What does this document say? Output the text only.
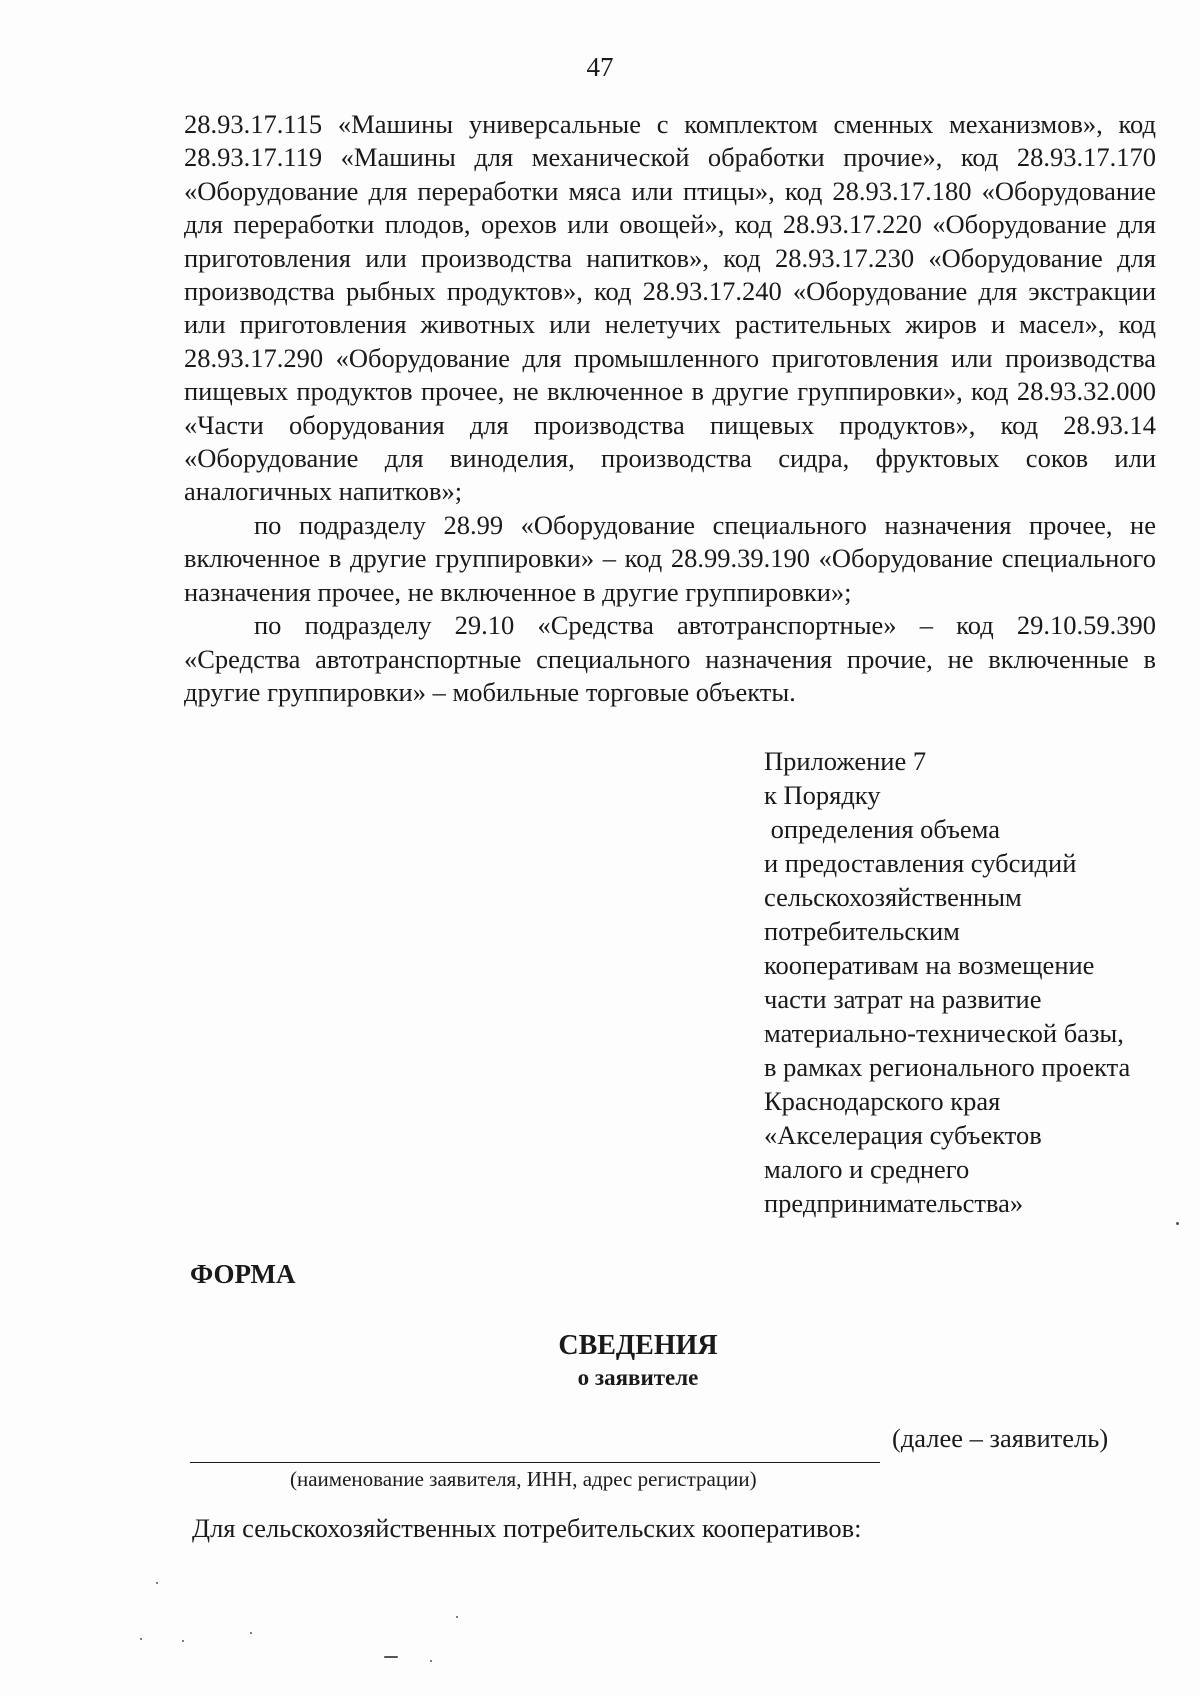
47

28.93.17.115 «Машины универсальные с комплектом сменных механизмов», код 28.93.17.119 «Машины для механической обработки прочие», код 28.93.17.170 «Оборудование для переработки мяса или птицы», код 28.93.17.180 «Оборудование для переработки плодов, орехов или овощей», код 28.93.17.220 «Оборудование для приготовления или производства напитков», код 28.93.17.230 «Оборудование для производства рыбных продуктов», код 28.93.17.240 «Оборудование для экстракции или приготовления животных или нелетучих растительных жиров и масел», код 28.93.17.290 «Оборудование для промышленного приготовления или производства пищевых продуктов прочее, не включенное в другие группировки», код 28.93.32.000 «Части оборудования для производства пищевых продуктов», код 28.93.14 «Оборудование для виноделия, производства сидра, фруктовых соков или аналогичных напитков»;

по подразделу 28.99 «Оборудование специального назначения прочее, не включенное в другие группировки» – код 28.99.39.190 «Оборудование специального назначения прочее, не включенное в другие группировки»;

по подразделу 29.10 «Средства автотранспортные» – код 29.10.59.390 «Средства автотранспортные специального назначения прочие, не включенные в другие группировки» – мобильные торговые объекты.

Приложение 7
к Порядку
определения объема
и предоставления субсидий
сельскохозяйственным
потребительским
кооперативам на возмещение
части затрат на развитие
материально-технической базы,
в рамках регионального проекта
Краснодарского края
«Акселерация субъектов
малого и среднего
предпринимательства»
ФОРМА
СВЕДЕНИЯ
о заявителе
(далее – заявитель)
(наименование заявителя, ИНН, адрес регистрации)
Для сельскохозяйственных потребительских кооперативов:
